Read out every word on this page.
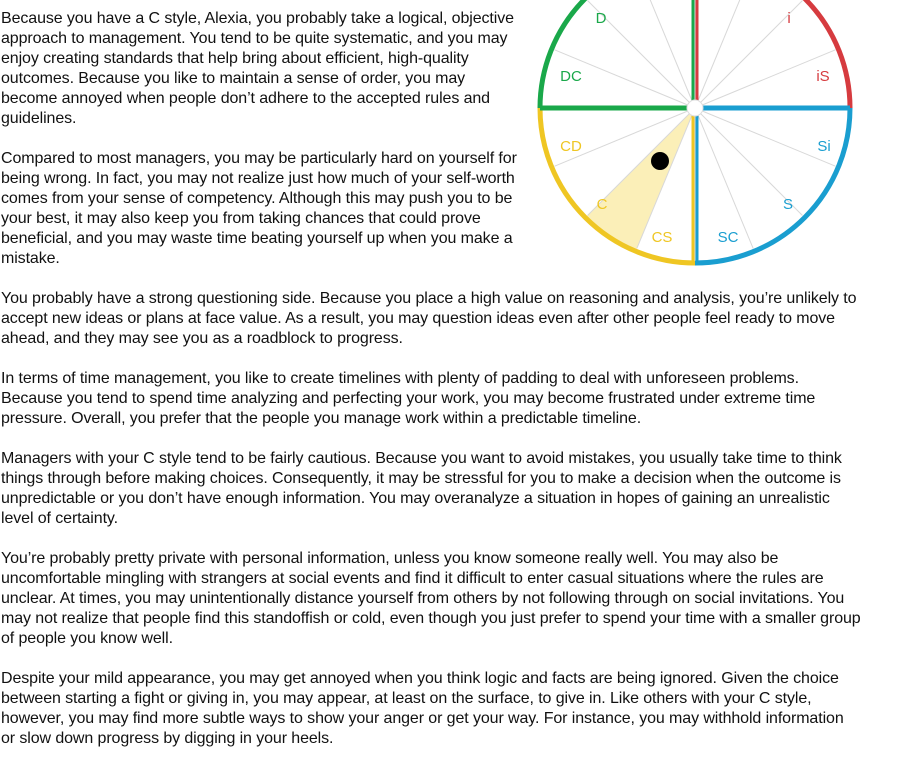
Because you have a C style, Alexia, you probably take a logical, objective approach to management. You tend to be quite systematic, and you may enjoy creating standards that help bring about efficient, high-quality outcomes. Because you like to maintain a sense of order, you may become annoyed when people don’t adhere to the accepted rules and guidelines.

Compared to most managers, you may be particularly hard on yourself for being wrong. In fact, you may not realize just how much of your self-worth comes from your sense of competency. Although this may push you to be your best, it may also keep you from taking chances that could prove beneficial, and you may waste time beating yourself up when you make a mistake.

You probably have a strong questioning side. Because you place a high value on reasoning and analysis, you’re unlikely to accept new ideas or plans at face value. As a result, you may question ideas even after other people feel ready to move ahead, and they may see you as a roadblock to progress.

In terms of time management, you like to create timelines with plenty of padding to deal with unforeseen problems. Because you tend to spend time analyzing and perfecting your work, you may become frustrated under extreme time pressure. Overall, you prefer that the people you manage work within a predictable timeline.

Managers with your C style tend to be fairly cautious. Because you want to avoid mistakes, you usually take time to think things through before making choices. Consequently, it may be stressful for you to make a decision when the outcome is unpredictable or you don’t have enough information. You may overanalyze a situation in hopes of gaining an unrealistic level of certainty.

You’re probably pretty private with personal information, unless you know someone really well. You may also be uncomfortable mingling with strangers at social events and find it difficult to enter casual situations where the rules are unclear. At times, you may unintentionally distance yourself from others by not following through on social invitations. You may not realize that people find this standoffish or cold, even though you just prefer to spend your time with a smaller group of people you know well.

Despite your mild appearance, you may get annoyed when you think logic and facts are being ignored. Given the choice between starting a fight or giving in, you may appear, at least on the surface, to give in. Like others with your C style, however, you may find more subtle ways to show your anger or get your way. For instance, you may withhold information or slow down progress by digging in your heels.

D	i
DC	iS
CD	Si
C	S
CS	SC
